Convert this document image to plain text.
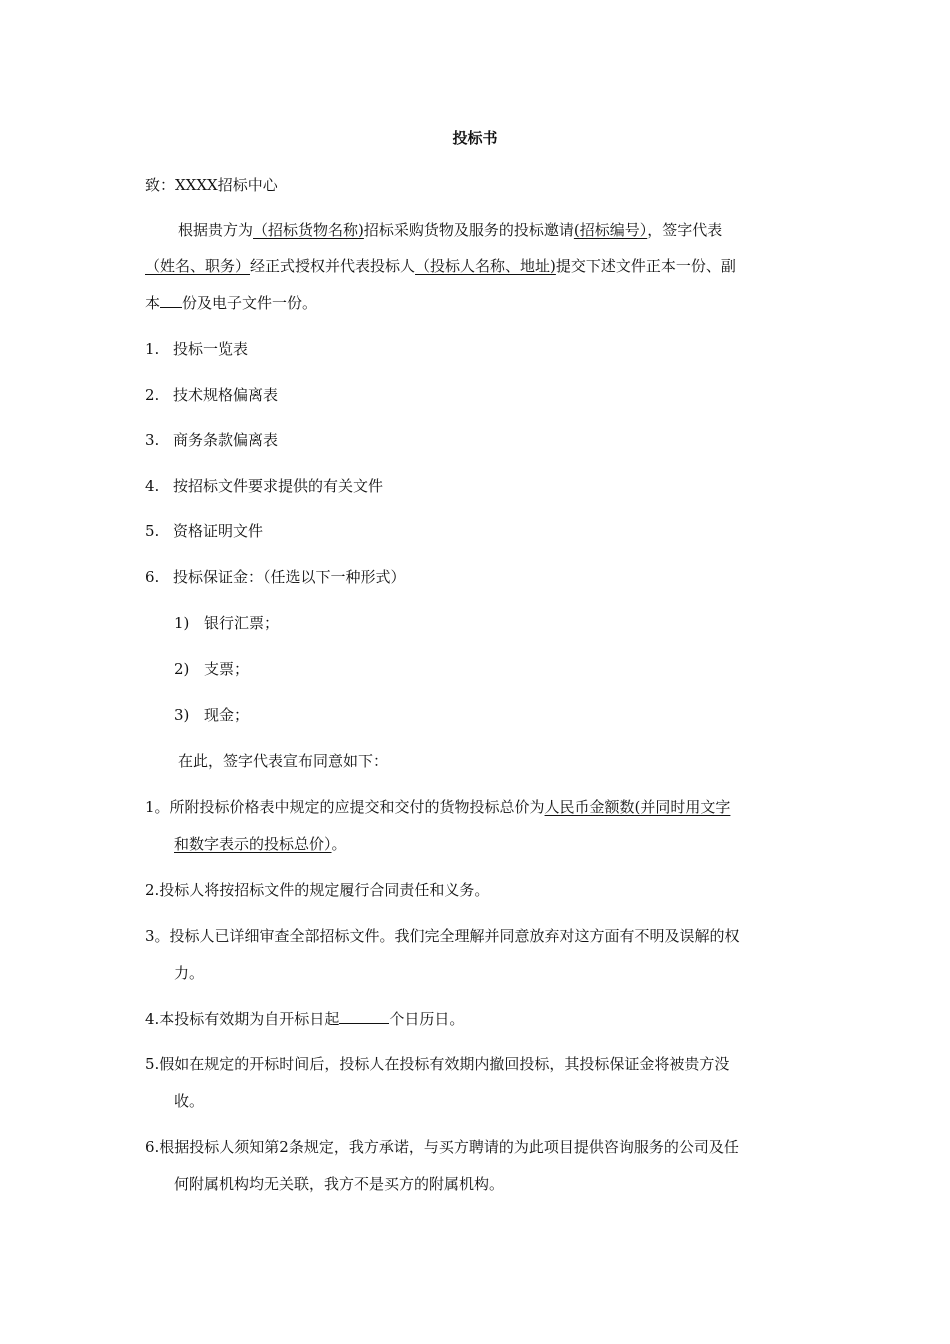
投标书
致：XXXX招标中心
根据贵方为（招标货物名称)招标采购货物及服务的投标邀请(招标编号），签字代表
（姓名、职务）经正式授权并代表投标人（投标人名称、地址)提交下述文件正本一份、副
本 份及电子文件一份。
1. 投标一览表
2. 技术规格偏离表
3. 商务条款偏离表
4. 按招标文件要求提供的有关文件
5. 资格证明文件
6. 投标保证金：（任选以下一种形式）
1) 银行汇票；
2) 支票；
3) 现金；
在此，签字代表宣布同意如下：
1。所附投标价格表中规定的应提交和交付的货物投标总价为人民币金额数(并同时用文字
和数字表示的投标总价）。
2.投标人将按招标文件的规定履行合同责任和义务。
3。投标人已详细审查全部招标文件。我们完全理解并同意放弃对这方面有不明及误解的权
力。
4.本投标有效期为自开标日起	个日历日。
5.假如在规定的开标时间后，投标人在投标有效期内撤回投标，其投标保证金将被贵方没
收。
6.根据投标人须知第2条规定，我方承诺，与买方聘请的为此项目提供咨询服务的公司及任
何附属机构均无关联，我方不是买方的附属机构。
